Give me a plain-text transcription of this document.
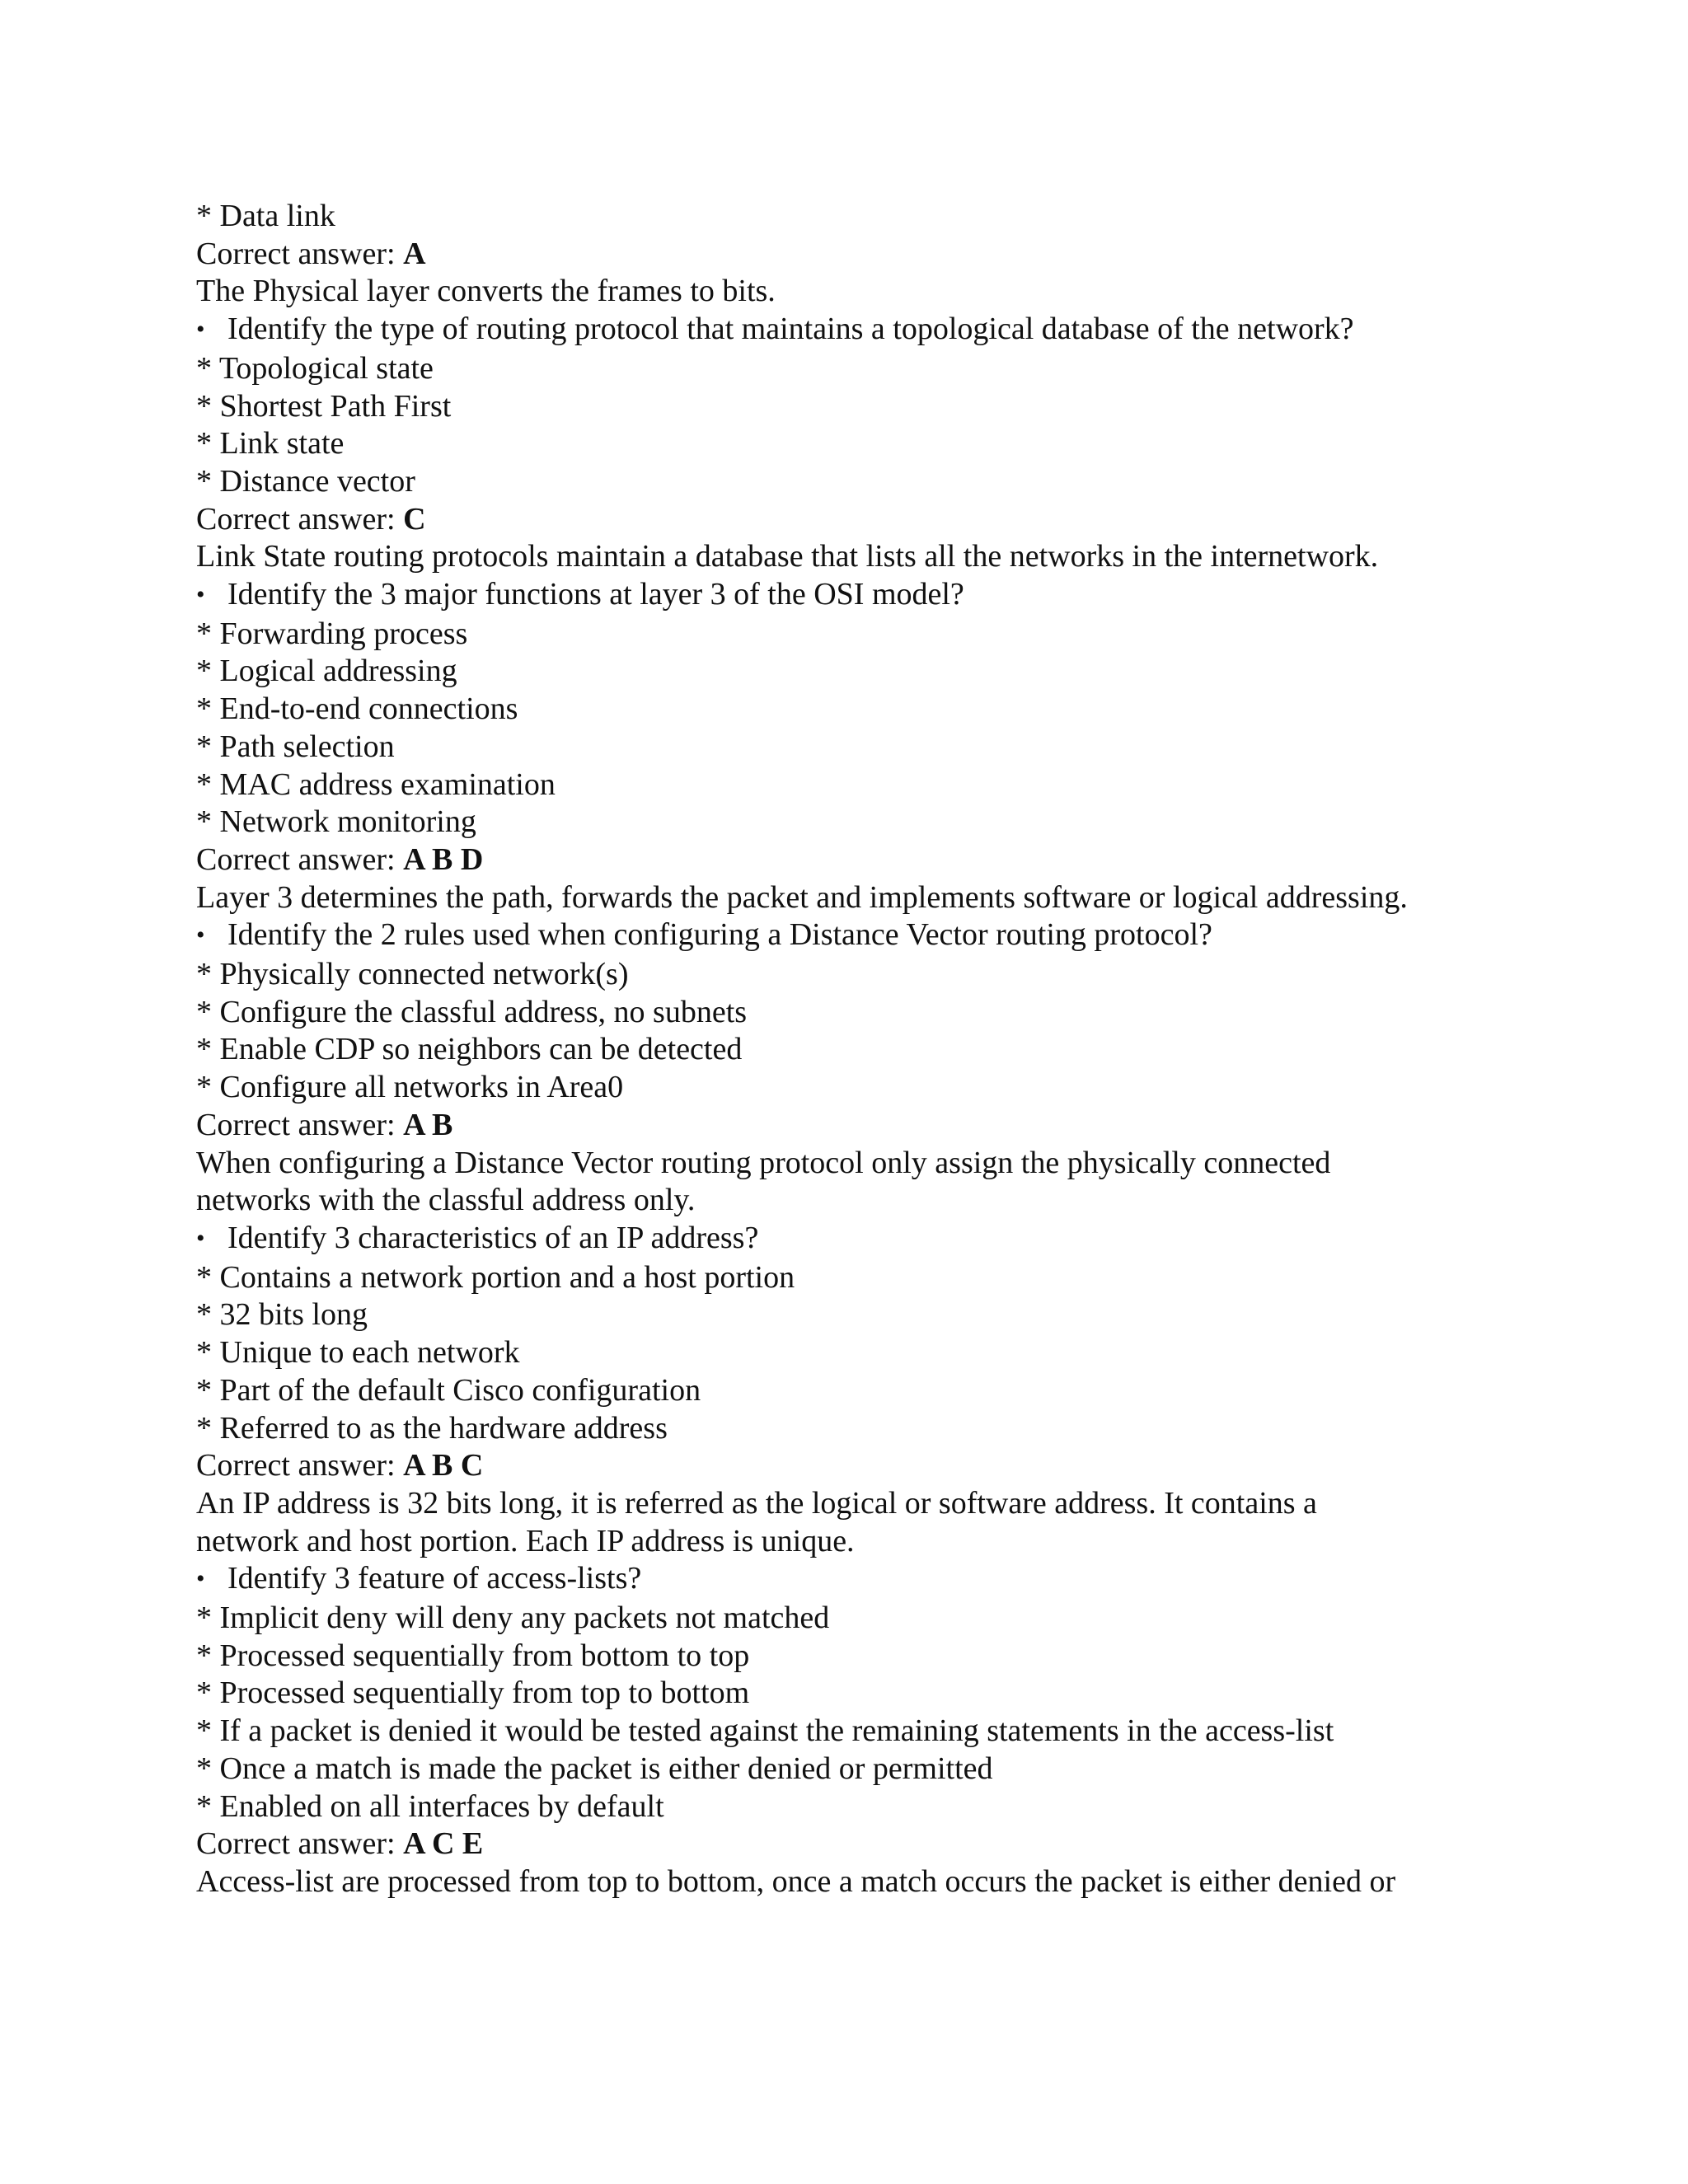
* Data link
Correct answer: A
The Physical layer converts the frames to bits.
• Identify the type of routing protocol that maintains a topological database of the network?
* Topological state
* Shortest Path First
* Link state
* Distance vector
Correct answer: C
Link State routing protocols maintain a database that lists all the networks in the internetwork.
• Identify the 3 major functions at layer 3 of the OSI model?
* Forwarding process
* Logical addressing
* End-to-end connections
* Path selection
* MAC address examination
* Network monitoring
Correct answer: A B D
Layer 3 determines the path, forwards the packet and implements software or logical addressing.
• Identify the 2 rules used when configuring a Distance Vector routing protocol?
* Physically connected network(s)
* Configure the classful address, no subnets
* Enable CDP so neighbors can be detected
* Configure all networks in Area0
Correct answer: A B
When configuring a Distance Vector routing protocol only assign the physically connected
networks with the classful address only.
• Identify 3 characteristics of an IP address?
* Contains a network portion and a host portion
* 32 bits long
* Unique to each network
* Part of the default Cisco configuration
* Referred to as the hardware address
Correct answer: A B C
An IP address is 32 bits long, it is referred as the logical or software address. It contains a
network and host portion. Each IP address is unique.
• Identify 3 feature of access-lists?
* Implicit deny will deny any packets not matched
* Processed sequentially from bottom to top
* Processed sequentially from top to bottom
* If a packet is denied it would be tested against the remaining statements in the access-list
* Once a match is made the packet is either denied or permitted
* Enabled on all interfaces by default
Correct answer: A C E
Access-list are processed from top to bottom, once a match occurs the packet is either denied or
